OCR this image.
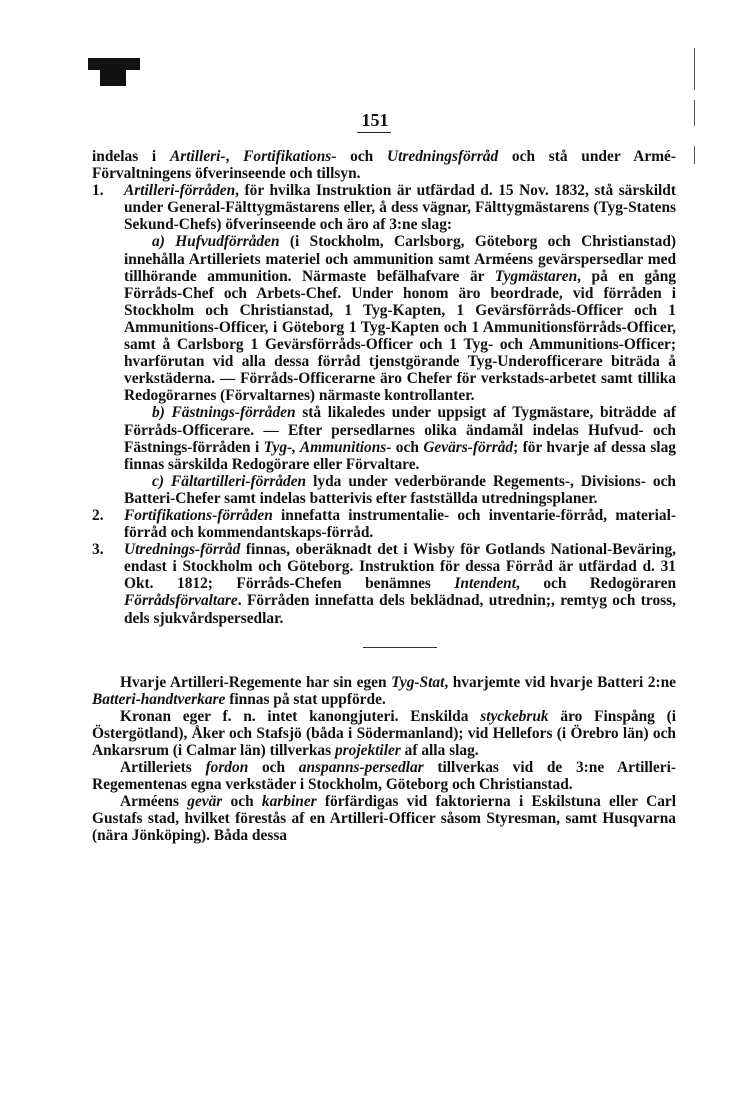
151

indelas i Artilleri-, Fortifikations- och Utredningsförråd och stå under Armé-Förvaltningens öfverinseende och tillsyn.

1. Artilleri-förråden, för hvilka Instruktion är utfärdad d. 15 Nov. 1832, stå särskildt under General-Fälttygmästarens eller, å dess vägnar, Fälttygmästarens (Tyg-Statens Sekund-Chefs) öfverinseende och äro af 3:ne slag:

a) Hufvudförråden (i Stockholm, Carlsborg, Göteborg och Christianstad) innehålla Artilleriets materiel och ammunition samt Arméens gevärspersedlar med tillhörande ammunition. Närmaste befälhafvare är Tygmästaren, på en gång Förråds-Chef och Arbets-Chef. Under honom äro beordrade, vid förråden i Stockholm och Christianstad, 1 Tyg-Kapten, 1 Gevärsförråds-Officer och 1 Ammunitions-Officer, i Göteborg 1 Tyg-Kapten och 1 Ammunitionsförråds-Officer, samt å Carlsborg 1 Gevärsförråds-Officer och 1 Tyg- och Ammunitions-Officer; hvarförutan vid alla dessa förråd tjenstgörande Tyg-Underofficerare biträda å verkstäderna. — Förråds-Officerarne äro Chefer för verkstads-arbetet samt tillika Redogörarnes (Förvaltarnes) närmaste kontrollanter.

b) Fästnings-förråden stå likaledes under uppsigt af Tygmästare, biträdde af Förråds-Officerare. — Efter persedlarnes olika ändamål indelas Hufvud- och Fästnings-förråden i Tyg-, Ammunitions- och Gevärs-förråd; för hvarje af dessa slag finnas särskilda Redogörare eller Förvaltare.

c) Fältartilleri-förråden lyda under vederbörande Regements-, Divisions- och Batteri-Chefer samt indelas batterivis efter fastställda utredningsplaner.

2. Fortifikations-förråden innefatta instrumentalie- och inventarie-förråd, material-förråd och kommendantskaps-förråd.

3. Utrednings-förråd finnas, oberäknadt det i Wisby för Gotlands National-Beväring, endast i Stockholm och Göteborg. Instruktion för dessa Förråd är utfärdad d. 31 Okt. 1812; Förråds-Chefen benämnes Intendent, och Redogöraren Förrådsförvaltare. Förråden innefatta dels beklädnad, utrednin;, remtyg och tross, dels sjukvårdspersedlar.

Hvarje Artilleri-Regemente har sin egen Tyg-Stat, hvarjemte vid hvarje Batteri 2:ne Batteri-handtverkare finnas på stat uppförde.

Kronan eger f. n. intet kanongjuteri. Enskilda styckebruk äro Finspång (i Östergötland), Åker och Stafsjö (båda i Södermanland); vid Hellefors (i Örebro län) och Ankarsrum (i Calmar län) tillverkas projektiler af alla slag.

Artilleriets fordon och anspanns-persedlar tillverkas vid de 3:ne Artilleri-Regementenas egna verkstäder i Stockholm, Göteborg och Christianstad.

Arméens gevär och karbiner förfärdigas vid faktorierna i Eskilstuna eller Carl Gustafs stad, hvilket förestås af en Artilleri-Officer såsom Styresman, samt Husqvarna (nära Jönköping). Båda dessa
